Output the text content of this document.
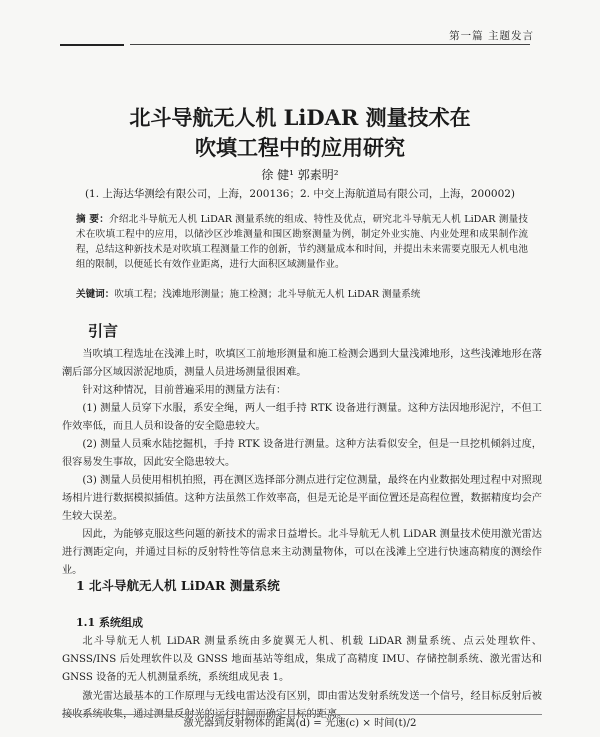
第一篇 主题发言
北斗导航无人机 LiDAR 测量技术在
吹填工程中的应用研究
徐 健¹ 郭素明²
(1. 上海达华测绘有限公司，上海，200136；2. 中交上海航道局有限公司，上海，200002)
摘 要：介绍北斗导航无人机 LiDAR 测量系统的组成、特性及优点，研究北斗导航无人机 LiDAR 测量技术在吹填工程中的应用，以储沙区沙堆测量和围区勘察测量为例，制定外业实施、内业处理和成果制作流程，总结这种新技术是对吹填工程测量工作的创新，节约测量成本和时间，并提出未来需要克服无人机电池组的限制，以便延长有效作业距离，进行大面积区域测量作业。
关键词：吹填工程；浅滩地形测量；施工检测；北斗导航无人机 LiDAR 测量系统
引言
当吹填工程选址在浅滩上时，吹填区工前地形测量和施工检测会遇到大量浅滩地形，这些浅滩地形在落潮后部分区域因淤泥地质，测量人员进场测量很困难。
针对这种情况，目前普遍采用的测量方法有：
(1) 测量人员穿下水服，系安全绳，两人一组手持 RTK 设备进行测量。这种方法因地形泥泞，不但工作效率低，而且人员和设备的安全隐患较大。
(2) 测量人员乘水陆挖掘机，手持 RTK 设备进行测量。这种方法看似安全，但是一旦挖机倾斜过度，很容易发生事故，因此安全隐患较大。
(3) 测量人员使用相机拍照，再在测区选择部分测点进行定位测量，最终在内业数据处理过程中对照现场相片进行数据模拟插值。这种方法虽然工作效率高，但是无论是平面位置还是高程位置，数据精度均会产生较大误差。
因此，为能够克服这些问题的新技术的需求日益增长。北斗导航无人机 LiDAR 测量技术使用激光雷达进行测距定向，并通过目标的反射特性等信息来主动测量物体，可以在浅滩上空进行快速高精度的测绘作业。
1 北斗导航无人机 LiDAR 测量系统
1.1 系统组成
北斗导航无人机 LiDAR 测量系统由多旋翼无人机、机载 LiDAR 测量系统、点云处理软件、GNSS/INS 后处理软件以及 GNSS 地面基站等组成，集成了高精度 IMU、存储控制系统、激光雷达和 GNSS 设备的无人机测量系统，系统组成见表 1。
激光雷达最基本的工作原理与无线电雷达没有区别，即由雷达发射系统发送一个信号，经目标反射后被接收系统收集，通过测量反射光的运行时间而确定目标的距离。
激光器到反射物体的距离(d) = 光速(c) × 时间(t)/2
